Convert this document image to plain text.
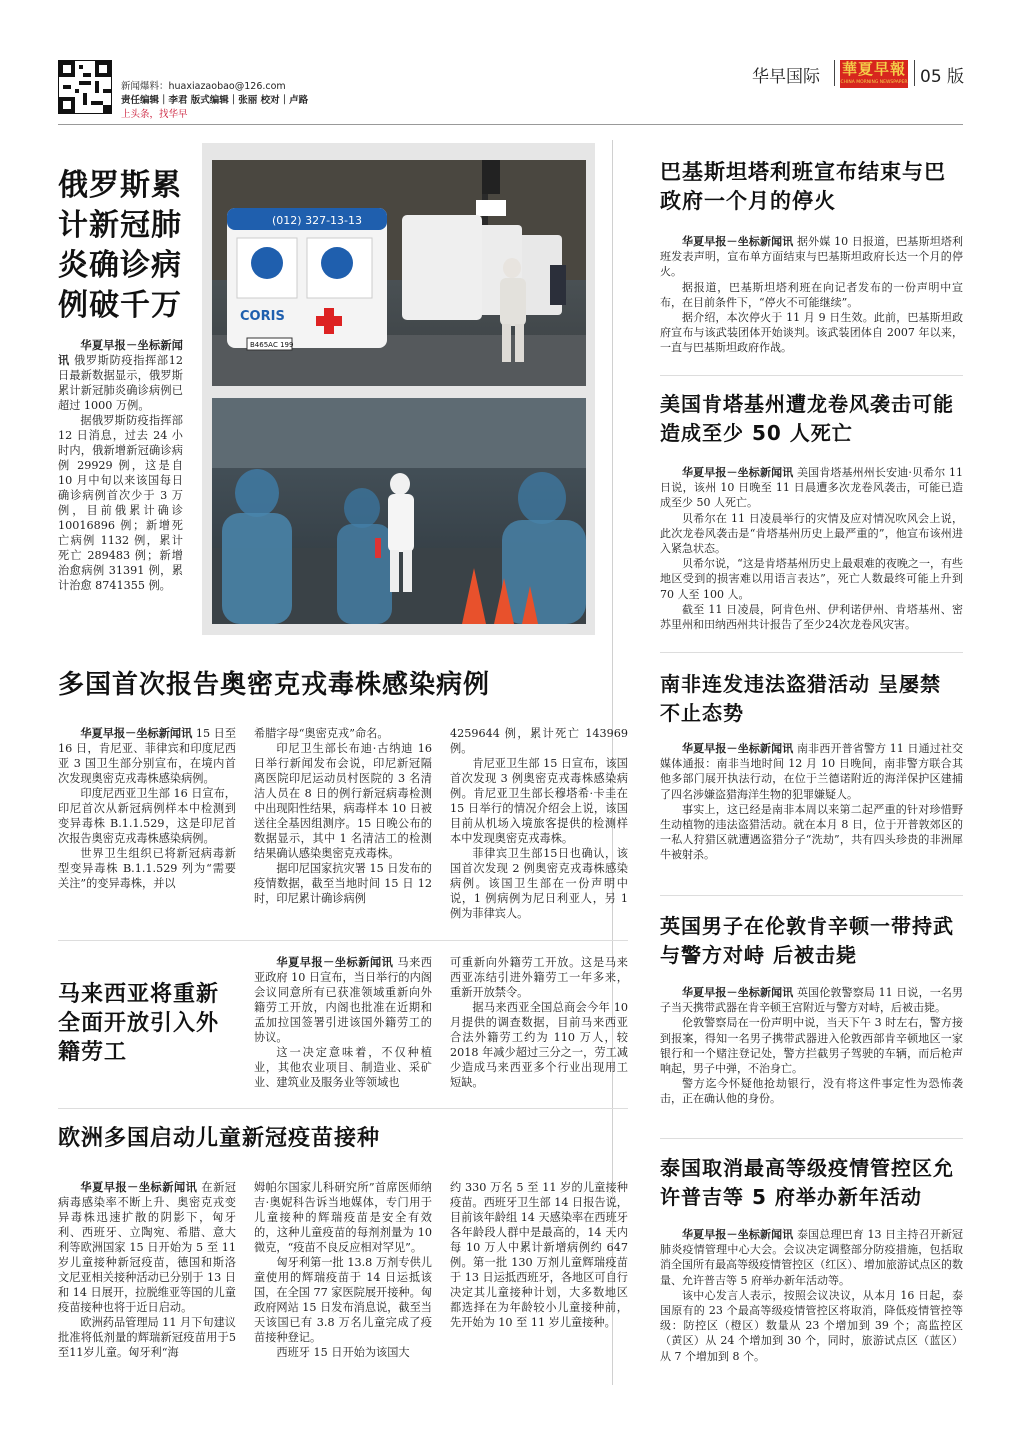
新闻爆料：huaxiazaobao@126.com
责任编辑｜李君 版式编辑｜张丽 校对｜卢路
上头条，找华早
华早国际 華夏早報
CHINA MORNING NEWSPAPER 05 版
俄罗斯累
计新冠肺
炎确诊病
例破千万

华夏早报－坐标新闻讯 俄罗斯防疫指挥部12日最新数据显示，俄罗斯累计新冠肺炎确诊病例已超过 1000 万例。

据俄罗斯防疫指挥部 12 日消息，过去 24 小时内，俄新增新冠确诊病例 29929 例，这是自 10 月中旬以来该国每日确诊病例首次少于 3 万例，目前俄累计确诊 10016896 例；新增死亡病例 1132 例，累计死亡 289483 例；新增治愈病例 31391 例，累计治愈 8741355 例。

(012) 327-13-13
CORIS
В465АС 199
巴基斯坦塔利班宣布结束与巴政府一个月的停火

华夏早报－坐标新闻讯 据外媒 10 日报道，巴基斯坦塔利班发表声明，宣布单方面结束与巴基斯坦政府长达一个月的停火。

据报道，巴基斯坦塔利班在向记者发布的一份声明中宣布，在目前条件下，“停火不可能继续”。

据介绍，本次停火于 11 月 9 日生效。此前，巴基斯坦政府宣布与该武装团体开始谈判。该武装团体自 2007 年以来，一直与巴基斯坦政府作战。

美国肯塔基州遭龙卷风袭击可能造成至少 50 人死亡

华夏早报－坐标新闻讯 美国肯塔基州州长安迪·贝希尔 11 日说，该州 10 日晚至 11 日晨遭多次龙卷风袭击，可能已造成至少 50 人死亡。

贝希尔在 11 日凌晨举行的灾情及应对情况吹风会上说，此次龙卷风袭击是“肯塔基州历史上最严重的”，他宣布该州进入紧急状态。

贝希尔说，“这是肯塔基州历史上最艰难的夜晚之一，有些地区受到的损害难以用语言表达”，死亡人数最终可能上升到 70 人至 100 人。

截至 11 日凌晨，阿肯色州、伊利诺伊州、肯塔基州、密苏里州和田纳西州共计报告了至少24次龙卷风灾害。

南非连发违法盗猎活动 呈屡禁不止态势

华夏早报－坐标新闻讯 南非西开普省警方 11 日通过社交媒体通报：南非当地时间 12 月 10 日晚间，南非警方联合其他多部门展开执法行动，在位于兰德诺附近的海洋保护区建捕了四名涉嫌盗猎海洋生物的犯罪嫌疑人。

事实上，这已经是南非本周以来第二起严重的针对珍惜野生动植物的违法盗猎活动。就在本月 8 日，位于开普敦郊区的一私人狩猎区就遭遇盗猎分子“洗劫”，共有四头珍贵的非洲犀牛被射杀。

英国男子在伦敦肯辛顿一带持武与警方对峙 后被击毙

华夏早报－坐标新闻讯 英国伦敦警察局 11 日说，一名男子当天携带武器在肯辛顿王宫附近与警方对峙，后被击毙。

伦敦警察局在一份声明中说，当天下午 3 时左右，警方接到报案，得知一名男子携带武器进入伦敦西部肯辛顿地区一家银行和一个赌注登记处，警方拦截男子驾驶的车辆，而后枪声响起，男子中弹，不治身亡。

警方迄今怀疑他抢劫银行，没有将这件事定性为恐怖袭击，正在确认他的身份。

泰国取消最高等级疫情管控区允许普吉等 5 府举办新年活动

华夏早报－坐标新闻讯 泰国总理巴育 13 日主持召开新冠肺炎疫情管理中心大会。会议决定调整部分防疫措施，包括取消全国所有最高等级疫情管控区（红区）、增加旅游试点区的数量、允许普吉等 5 府举办新年活动等。

该中心发言人表示，按照会议决议，从本月 16 日起，泰国原有的 23 个最高等级疫情管控区将取消，降低疫情管控等级：防控区（橙区）数量从 23 个增加到 39 个；高监控区（黄区）从 24 个增加到 30 个，同时，旅游试点区（蓝区）从 7 个增加到 8 个。

多国首次报告奥密克戎毒株感染病例

华夏早报－坐标新闻讯 15 日至 16 日，肯尼亚、菲律宾和印度尼西亚 3 国卫生部分别宣布，在境内首次发现奥密克戎毒株感染病例。

印度尼西亚卫生部 16 日宣布，印尼首次从新冠病例样本中检测到变异毒株 B.1.1.529，这是印尼首次报告奥密克戎毒株感染病例。

世界卫生组织已将新冠病毒新型变异毒株 B.1.1.529 列为“需要关注”的变异毒株，并以

希腊字母“奥密克戎”命名。

印尼卫生部长布迪·古纳迪 16 日举行新闻发布会说，印尼新冠隔离医院印尼运动员村医院的 3 名清洁人员在 8 日的例行新冠病毒检测中出现阳性结果，病毒样本 10 日被送往全基因组测序。15 日晚公布的数据显示，其中 1 名清洁工的检测结果确认感染奥密克戎毒株。

据印尼国家抗灾署 15 日发布的疫情数据，截至当地时间 15 日 12 时，印尼累计确诊病例

4259644 例，累计死亡 143969 例。

肯尼亚卫生部 15 日宣布，该国首次发现 3 例奥密克戎毒株感染病例。肯尼亚卫生部长穆塔希·卡圭在 15 日举行的情况介绍会上说，该国目前从机场入境旅客提供的检测样本中发现奥密克戎毒株。

菲律宾卫生部15日也确认，该国首次发现 2 例奥密克戎毒株感染病例。该国卫生部在一份声明中说，1 例病例为尼日利亚人，另 1 例为菲律宾人。

马来西亚将重新
全面开放引入外
籍劳工

华夏早报－坐标新闻讯 马来西亚政府 10 日宣布，当日举行的内阁会议同意所有已获准领域重新向外籍劳工开放，内阁也批准在近期和孟加拉国签署引进该国外籍劳工的协议。

这一决定意味着，不仅种植业，其他农业项目、制造业、采矿业、建筑业及服务业等领域也

可重新向外籍劳工开放。这是马来西亚冻结引进外籍劳工一年多来，重新开放禁令。

据马来西亚全国总商会今年 10 月提供的调查数据，目前马来西亚合法外籍劳工约为 110 万人，较 2018 年减少超过三分之一，劳工减少造成马来西亚多个行业出现用工短缺。

欧洲多国启动儿童新冠疫苗接种

华夏早报－坐标新闻讯 在新冠病毒感染率不断上升、奥密克戎变异毒株迅速扩散的阴影下，匈牙利、西班牙、立陶宛、希腊、意大利等欧洲国家 15 日开始为 5 至 11 岁儿童接种新冠疫苗，德国和斯洛文尼亚相关接种活动已分别于 13 日和 14 日展开，拉脱维亚等国的儿童疫苗接种也将于近日启动。

欧洲药品管理局 11 月下旬建议批准将低剂量的辉瑞新冠疫苗用于5至11岁儿童。匈牙利“海

姆帕尔国家儿科研究所”首席医师纳吉·奥妮科告诉当地媒体，专门用于儿童接种的辉瑞疫苗是安全有效的，这种儿童疫苗的每剂剂量为 10 微克，“疫苗不良反应相对罕见”。

匈牙利第一批 13.8 万剂专供儿童使用的辉瑞疫苗于 14 日运抵该国，在全国 77 家医院展开接种。匈政府网站 15 日发布消息说，截至当天该国已有 3.8 万名儿童完成了疫苗接种登记。

西班牙 15 日开始为该国大

约 330 万名 5 至 11 岁的儿童接种疫苗。西班牙卫生部 14 日报告说，目前该年龄组 14 天感染率在西班牙各年龄段人群中是最高的，14 天内每 10 万人中累计新增病例约 647 例。第一批 130 万剂儿童辉瑞疫苗于 13 日运抵西班牙，各地区可自行决定其儿童接种计划，大多数地区都选择在为年龄较小儿童接种前，先开始为 10 至 11 岁儿童接种。
